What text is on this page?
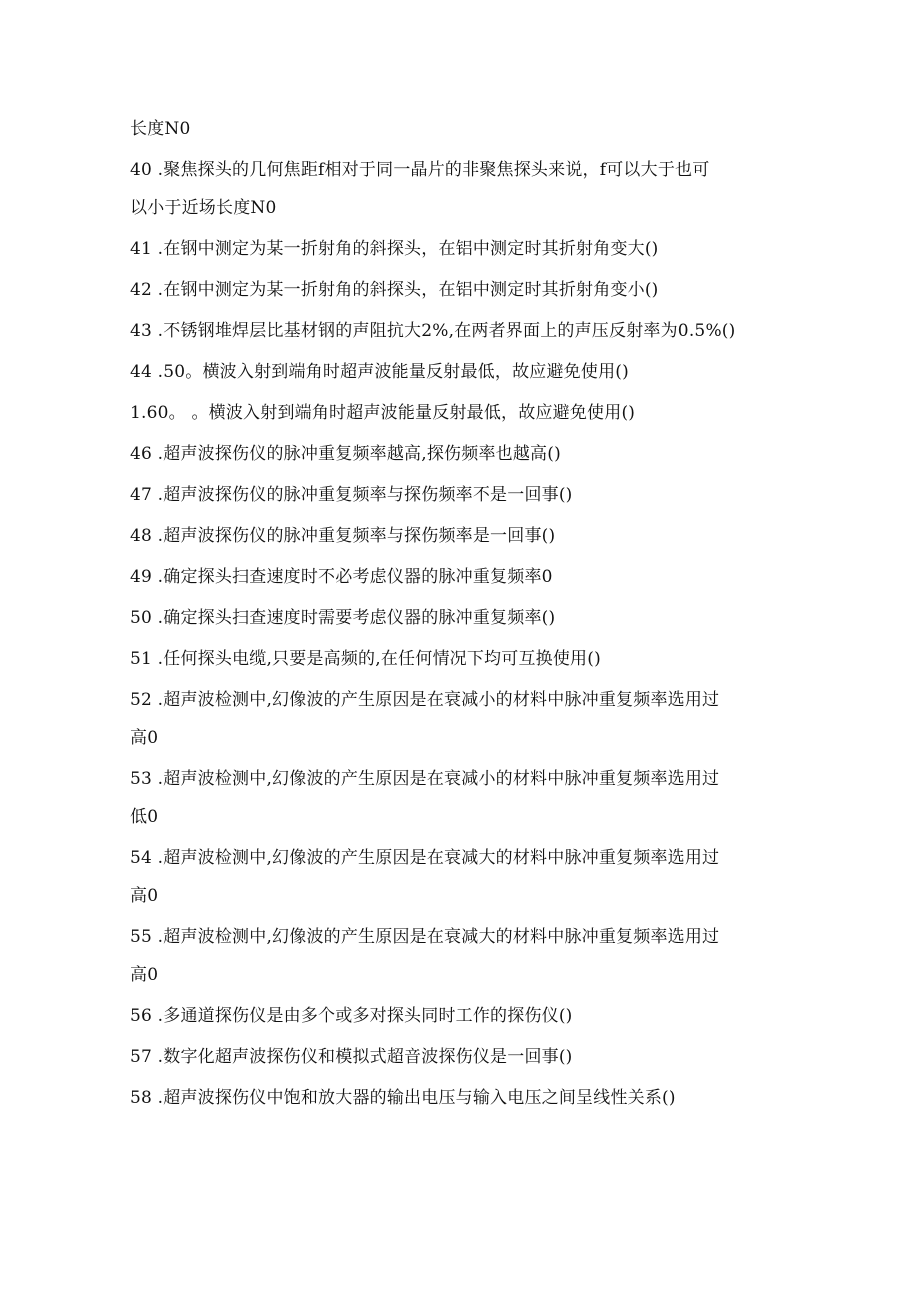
长度N0
40 .聚焦探头的几何焦距f相对于同一晶片的非聚焦探头来说，f可以大于也可
以小于近场长度N0
41 .在钢中测定为某一折射角的斜探头，在铝中测定时其折射角变大()
42 .在钢中测定为某一折射角的斜探头，在铝中测定时其折射角变小()
43 .不锈钢堆焊层比基材钢的声阻抗大2%,在两者界面上的声压反射率为0.5%()
44 .50。横波入射到端角时超声波能量反射最低，故应避免使用()
1.60。 。横波入射到端角时超声波能量反射最低，故应避免使用()
46 .超声波探伤仪的脉冲重复频率越高,探伤频率也越高()
47 .超声波探伤仪的脉冲重复频率与探伤频率不是一回事()
48 .超声波探伤仪的脉冲重复频率与探伤频率是一回事()
49 .确定探头扫查速度时不必考虑仪器的脉冲重复频率0
50 .确定探头扫查速度时需要考虑仪器的脉冲重复频率()
51 .任何探头电缆,只要是高频的,在任何情况下均可互换使用()
52 .超声波检测中,幻像波的产生原因是在衰减小的材料中脉冲重复频率选用过
高0
53 .超声波检测中,幻像波的产生原因是在衰减小的材料中脉冲重复频率选用过
低0
54 .超声波检测中,幻像波的产生原因是在衰减大的材料中脉冲重复频率选用过
高0
55 .超声波检测中,幻像波的产生原因是在衰减大的材料中脉冲重复频率选用过
高0
56 .多通道探伤仪是由多个或多对探头同时工作的探伤仪()
57 .数字化超声波探伤仪和模拟式超音波探伤仪是一回事()
58 .超声波探伤仪中饱和放大器的输出电压与输入电压之间呈线性关系()
